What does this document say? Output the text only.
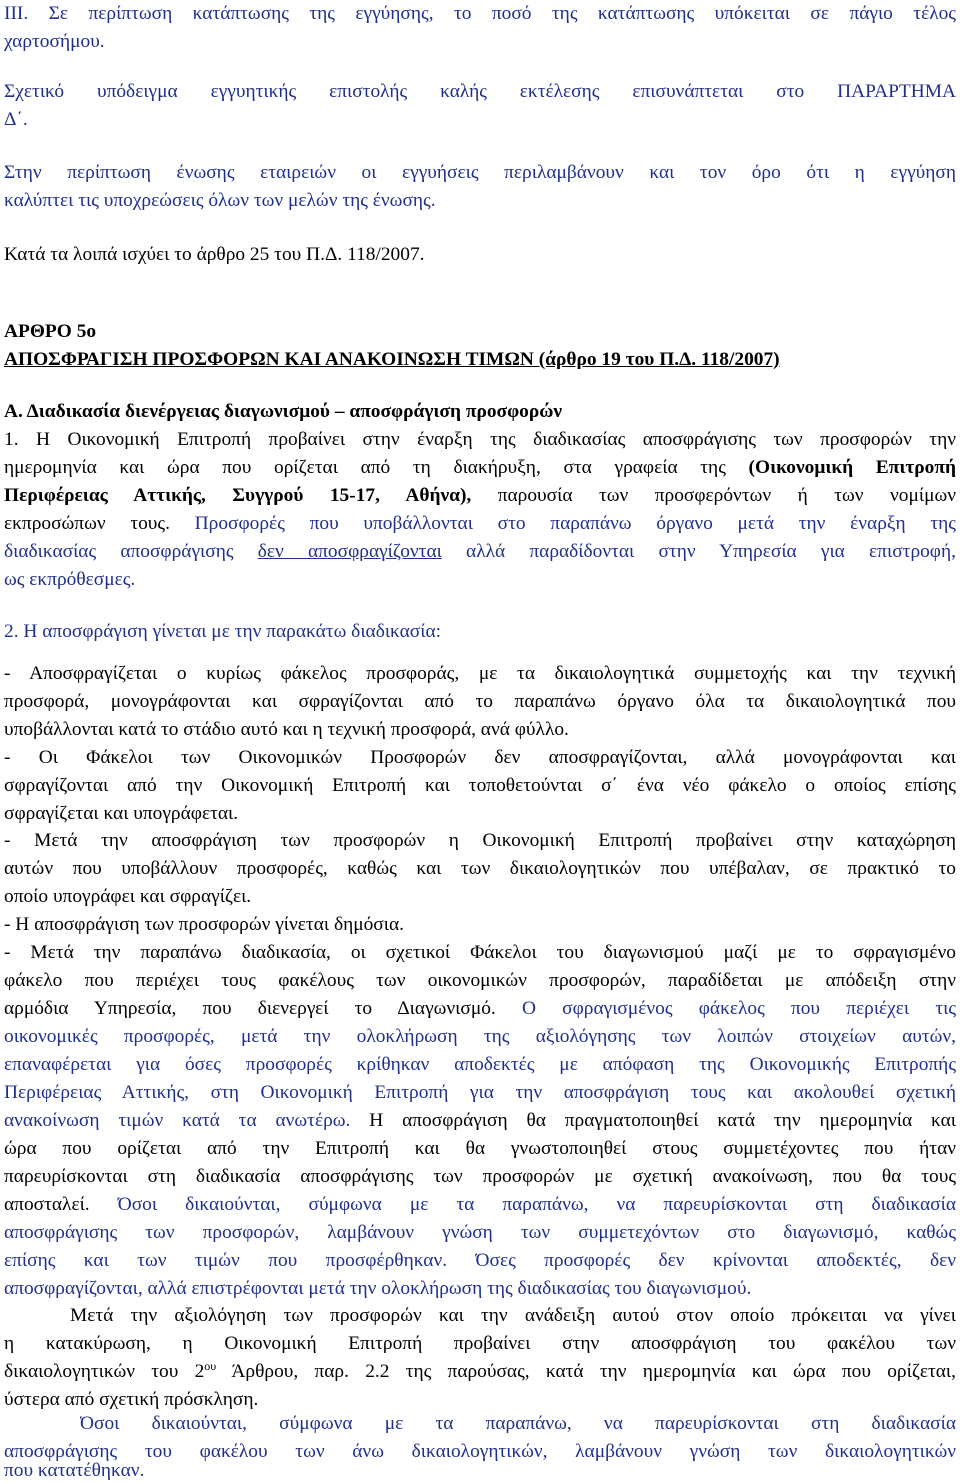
ΙΙΙ. Σε περίπτωση κατάπτωσης της εγγύησης, το ποσό της κατάπτωσης υπόκειται σε πάγιο τέλος
χαρτοσήμου.
Σχετικό υπόδειγμα εγγυητικής επιστολής καλής εκτέλεσης επισυνάπτεται στο ΠΑΡΑΡΤΗΜΑ
Δ΄.
Στην περίπτωση ένωσης εταιρειών οι εγγυήσεις περιλαμβάνουν και τον όρο ότι η εγγύηση
καλύπτει τις υποχρεώσεις όλων των μελών της ένωσης.
Κατά τα λοιπά ισχύει το άρθρο 25 του Π.Δ. 118/2007.
ΑΡΘΡΟ 5ο
ΑΠΟΣΦΡΑΓΙΣΗ ΠΡΟΣΦΟΡΩΝ ΚΑΙ ΑΝΑΚΟΙΝΩΣΗ ΤΙΜΩΝ (άρθρο 19 του Π.Δ. 118/2007)
Α. Διαδικασία διενέργειας διαγωνισμού – αποσφράγιση προσφορών
1. Η Οικονομική Επιτροπή προβαίνει στην έναρξη της διαδικασίας αποσφράγισης των προσφορών την
ημερομηνία και ώρα που ορίζεται από τη διακήρυξη, στα γραφεία της (Οικονομική Επιτροπή
Περιφέρειας Αττικής, Συγγρού 15-17, Αθήνα), παρουσία των προσφερόντων ή των νομίμων
εκπροσώπων τους. Προσφορές που υποβάλλονται στο παραπάνω όργανο μετά την έναρξη της
διαδικασίας αποσφράγισης δεν αποσφραγίζονται αλλά παραδίδονται στην Υπηρεσία για επιστροφή,
ως εκπρόθεσμες.
2. Η αποσφράγιση γίνεται με την παρακάτω διαδικασία:
- Αποσφραγίζεται ο κυρίως φάκελος προσφοράς, με τα δικαιολογητικά συμμετοχής και την τεχνική
προσφορά, μονογράφονται και σφραγίζονται από το παραπάνω όργανο όλα τα δικαιολογητικά που
υποβάλλονται κατά το στάδιο αυτό και η τεχνική προσφορά, ανά φύλλο.
- Οι Φάκελοι των Οικονομικών Προσφορών δεν αποσφραγίζονται, αλλά μονογράφονται και
σφραγίζονται από την Οικονομική Επιτροπή και τοποθετούνται σ΄ ένα νέο φάκελο ο οποίος επίσης
σφραγίζεται και υπογράφεται.
- Μετά την αποσφράγιση των προσφορών η Οικονομική Επιτροπή προβαίνει στην καταχώρηση
αυτών που υποβάλλουν προσφορές, καθώς και των δικαιολογητικών που υπέβαλαν, σε πρακτικό το
οποίο υπογράφει και σφραγίζει.
- Η αποσφράγιση των προσφορών γίνεται δημόσια.
- Μετά την παραπάνω διαδικασία, οι σχετικοί Φάκελοι του διαγωνισμού μαζί με το σφραγισμένο
φάκελο που περιέχει τους φακέλους των οικονομικών προσφορών, παραδίδεται με απόδειξη στην
αρμόδια Υπηρεσία, που διενεργεί το Διαγωνισμό. Ο σφραγισμένος φάκελος που περιέχει τις
οικονομικές προσφορές, μετά την ολοκλήρωση της αξιολόγησης των λοιπών στοιχείων αυτών,
επαναφέρεται για όσες προσφορές κρίθηκαν αποδεκτές με απόφαση της Οικονομικής Επιτροπής
Περιφέρειας Αττικής, στη Οικονομική Επιτροπή για την αποσφράγιση τους και ακολουθεί σχετική
ανακοίνωση τιμών κατά τα ανωτέρω. Η αποσφράγιση θα πραγματοποιηθεί κατά την ημερομηνία και
ώρα που ορίζεται από την Επιτροπή και θα γνωστοποιηθεί στους συμμετέχοντες που ήταν
παρευρίσκονται στη διαδικασία αποσφράγισης των προσφορών με σχετική ανακοίνωση, που θα τους
αποσταλεί. Όσοι δικαιούνται, σύμφωνα με τα παραπάνω, να παρευρίσκονται στη διαδικασία
αποσφράγισης των προσφορών, λαμβάνουν γνώση των συμμετεχόντων στο διαγωνισμό, καθώς
επίσης και των τιμών που προσφέρθηκαν. Όσες προσφορές δεν κρίνονται αποδεκτές, δεν
αποσφραγίζονται, αλλά επιστρέφονται μετά την ολοκλήρωση της διαδικασίας του διαγωνισμού.
Μετά την αξιολόγηση των προσφορών και την ανάδειξη αυτού στον οποίο πρόκειται να γίνει
η κατακύρωση, η Οικονομική Επιτροπή προβαίνει στην αποσφράγιση του φακέλου των
δικαιολογητικών του $2^{o\upsilon}$ Άρθρου, παρ. 2.2 της παρούσας, κατά την ημερομηνία και ώρα που ορίζεται,
ύστερα από σχετική πρόσκληση.
Όσοι δικαιούνται, σύμφωνα με τα παραπάνω, να παρευρίσκονται στη διαδικασία
αποσφράγισης του φακέλου των άνω δικαιολογητικών, λαμβάνουν γνώση των δικαιολογητικών
που κατατέθηκαν.
